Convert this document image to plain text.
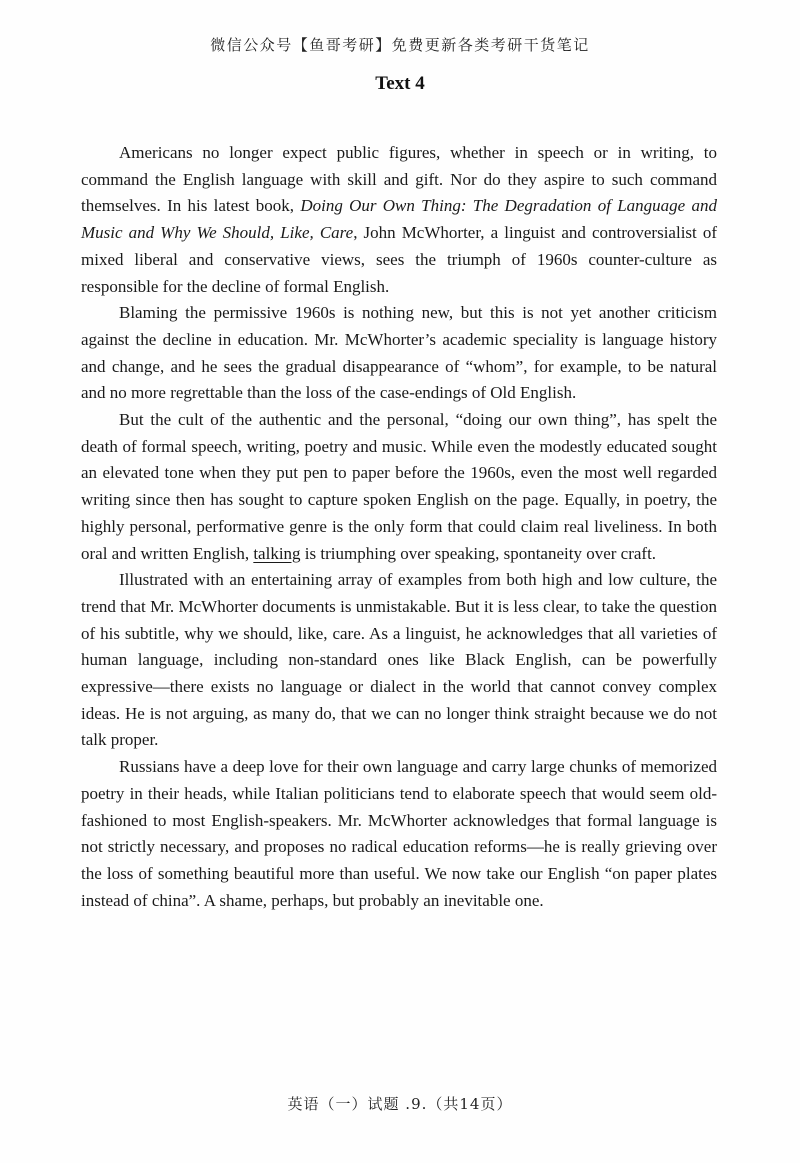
微信公众号【鱼哥考研】免费更新各类考研干货笔记
Text 4

Americans no longer expect public figures, whether in speech or in writing, to command the English language with skill and gift. Nor do they aspire to such command themselves. In his latest book, Doing Our Own Thing: The Degradation of Language and Music and Why We Should, Like, Care, John McWhorter, a linguist and controversialist of mixed liberal and conservative views, sees the triumph of 1960s counter-culture as responsible for the decline of formal English.

Blaming the permissive 1960s is nothing new, but this is not yet another criticism against the decline in education. Mr. McWhorter’s academic speciality is language history and change, and he sees the gradual disappearance of “whom”, for example, to be natural and no more regrettable than the loss of the case-endings of Old English.

But the cult of the authentic and the personal, “doing our own thing”, has spelt the death of formal speech, writing, poetry and music. While even the modestly educated sought an elevated tone when they put pen to paper before the 1960s, even the most well regarded writing since then has sought to capture spoken English on the page. Equally, in poetry, the highly personal, performative genre is the only form that could claim real liveliness. In both oral and written English, talking is triumphing over speaking, spontaneity over craft.

Illustrated with an entertaining array of examples from both high and low culture, the trend that Mr. McWhorter documents is unmistakable. But it is less clear, to take the question of his subtitle, why we should, like, care. As a linguist, he acknowledges that all varieties of human language, including non-standard ones like Black English, can be powerfully expressive—there exists no language or dialect in the world that cannot convey complex ideas. He is not arguing, as many do, that we can no longer think straight because we do not talk proper.

Russians have a deep love for their own language and carry large chunks of memorized poetry in their heads, while Italian politicians tend to elaborate speech that would seem old-fashioned to most English-speakers. Mr. McWhorter acknowledges that formal language is not strictly necessary, and proposes no radical education reforms—he is really grieving over the loss of something beautiful more than useful. We now take our English “on paper plates instead of china”. A shame, perhaps, but probably an inevitable one.

英语（一）试题 .9.（共14页）
